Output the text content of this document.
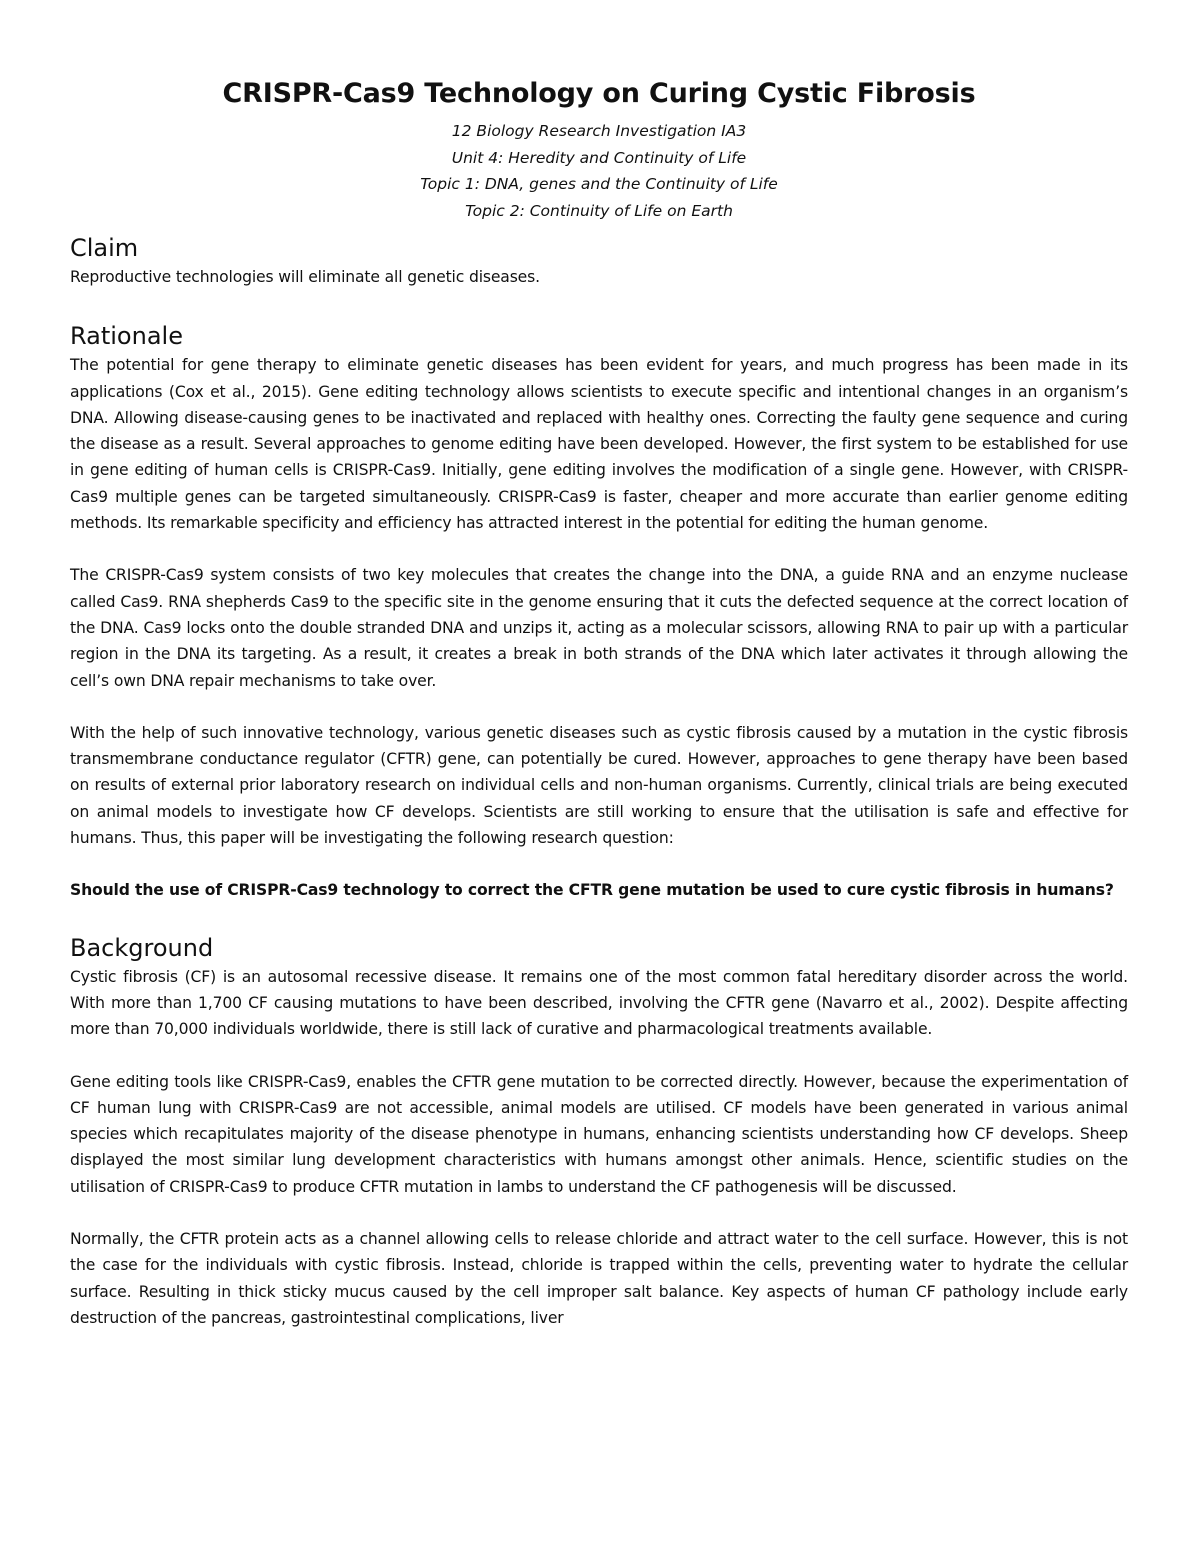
CRISPR-Cas9 Technology on Curing Cystic Fibrosis
12 Biology Research Investigation IA3
Unit 4: Heredity and Continuity of Life
Topic 1: DNA, genes and the Continuity of Life
Topic 2: Continuity of Life on Earth
Claim

Reproductive technologies will eliminate all genetic diseases.

Rationale

The potential for gene therapy to eliminate genetic diseases has been evident for years, and much progress has been made in its applications (Cox et al., 2015). Gene editing technology allows scientists to execute specific and intentional changes in an organism’s DNA. Allowing disease-causing genes to be inactivated and replaced with healthy ones. Correcting the faulty gene sequence and curing the disease as a result. Several approaches to genome editing have been developed. However, the first system to be established for use in gene editing of human cells is CRISPR-Cas9. Initially, gene editing involves the modification of a single gene. However, with CRISPR-Cas9 multiple genes can be targeted simultaneously. CRISPR-Cas9 is faster, cheaper and more accurate than earlier genome editing methods. Its remarkable specificity and efficiency has attracted interest in the potential for editing the human genome.

The CRISPR-Cas9 system consists of two key molecules that creates the change into the DNA, a guide RNA and an enzyme nuclease called Cas9. RNA shepherds Cas9 to the specific site in the genome ensuring that it cuts the defected sequence at the correct location of the DNA. Cas9 locks onto the double stranded DNA and unzips it, acting as a molecular scissors, allowing RNA to pair up with a particular region in the DNA its targeting. As a result, it creates a break in both strands of the DNA which later activates it through allowing the cell’s own DNA repair mechanisms to take over.

With the help of such innovative technology, various genetic diseases such as cystic fibrosis caused by a mutation in the cystic fibrosis transmembrane conductance regulator (CFTR) gene, can potentially be cured. However, approaches to gene therapy have been based on results of external prior laboratory research on individual cells and non-human organisms. Currently, clinical trials are being executed on animal models to investigate how CF develops. Scientists are still working to ensure that the utilisation is safe and effective for humans. Thus, this paper will be investigating the following research question:

Should the use of CRISPR-Cas9 technology to correct the CFTR gene mutation be used to cure cystic fibrosis in humans?

Background

Cystic fibrosis (CF) is an autosomal recessive disease. It remains one of the most common fatal hereditary disorder across the world. With more than 1,700 CF causing mutations to have been described, involving the CFTR gene (Navarro et al., 2002). Despite affecting more than 70,000 individuals worldwide, there is still lack of curative and pharmacological treatments available.

Gene editing tools like CRISPR-Cas9, enables the CFTR gene mutation to be corrected directly. However, because the experimentation of CF human lung with CRISPR-Cas9 are not accessible, animal models are utilised. CF models have been generated in various animal species which recapitulates majority of the disease phenotype in humans, enhancing scientists understanding how CF develops. Sheep displayed the most similar lung development characteristics with humans amongst other animals. Hence, scientific studies on the utilisation of CRISPR-Cas9 to produce CFTR mutation in lambs to understand the CF pathogenesis will be discussed.

Normally, the CFTR protein acts as a channel allowing cells to release chloride and attract water to the cell surface. However, this is not the case for the individuals with cystic fibrosis. Instead, chloride is trapped within the cells, preventing water to hydrate the cellular surface. Resulting in thick sticky mucus caused by the cell improper salt balance. Key aspects of human CF pathology include early destruction of the pancreas, gastrointestinal complications, liver
